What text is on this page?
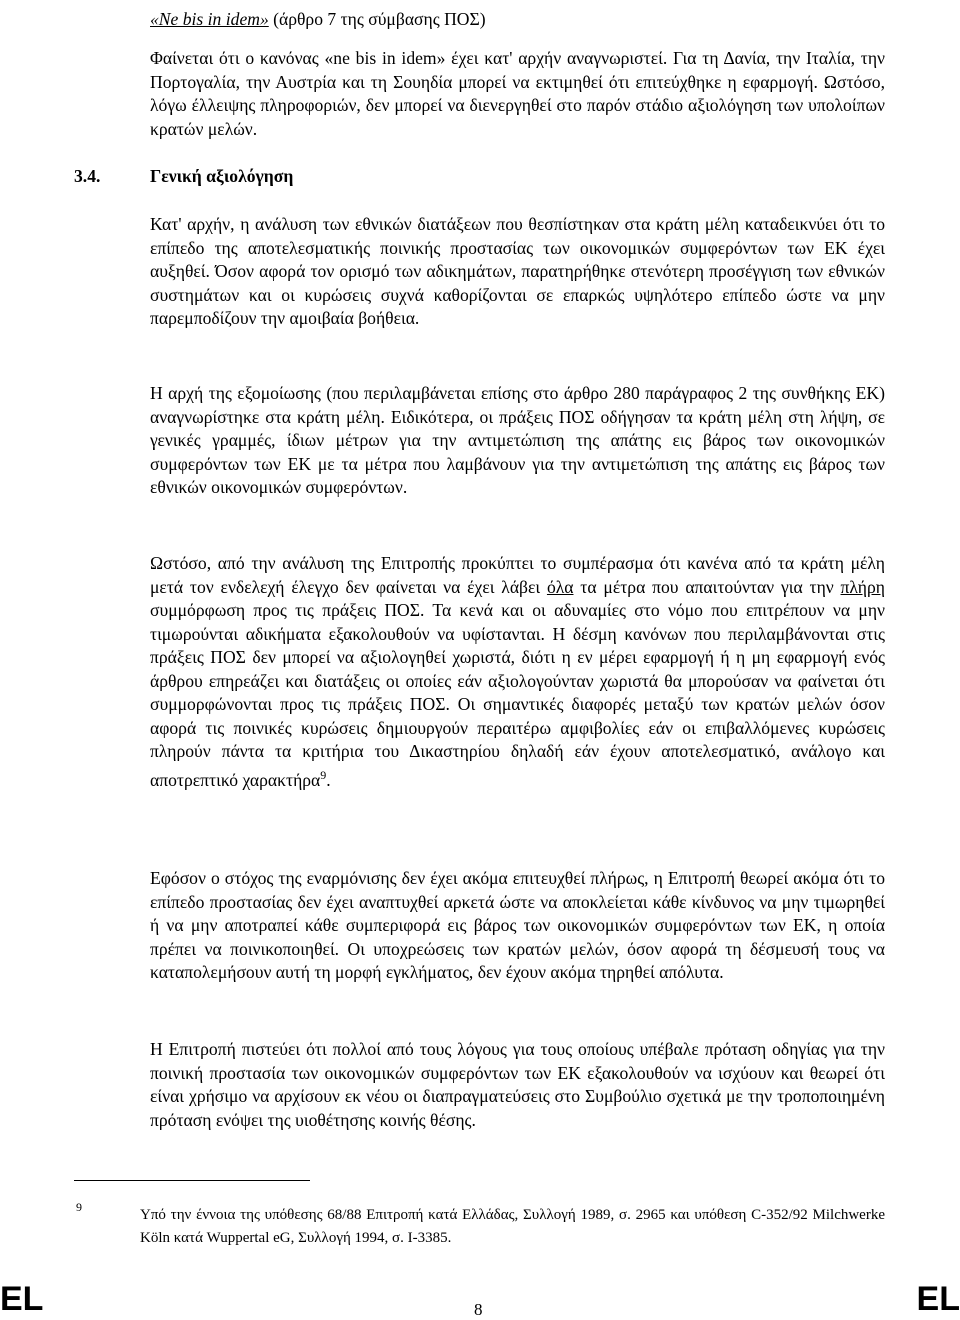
«Ne bis in idem» (άρθρο 7 της σύμβασης ΠΟΣ)

Φαίνεται ότι ο κανόνας «ne bis in idem» έχει κατ' αρχήν αναγνωριστεί. Για τη Δανία, την Ιταλία, την Πορτογαλία, την Αυστρία και τη Σουηδία μπορεί να εκτιμηθεί ότι επιτεύχθηκε η εφαρμογή. Ωστόσο, λόγω έλλειψης πληροφοριών, δεν μπορεί να διενεργηθεί στο παρόν στάδιο αξιολόγηση των υπολοίπων κρατών μελών.

3.4.	Γενική αξιολόγηση

Κατ' αρχήν, η ανάλυση των εθνικών διατάξεων που θεσπίστηκαν στα κράτη μέλη καταδεικνύει ότι το επίπεδο της αποτελεσματικής ποινικής προστασίας των οικονομικών συμφερόντων των ΕΚ έχει αυξηθεί. Όσον αφορά τον ορισμό των αδικημάτων, παρατηρήθηκε στενότερη προσέγγιση των εθνικών συστημάτων και οι κυρώσεις συχνά καθορίζονται σε επαρκώς υψηλότερο επίπεδο ώστε να μην παρεμποδίζουν την αμοιβαία βοήθεια.

Η αρχή της εξομοίωσης (που περιλαμβάνεται επίσης στο άρθρο 280 παράγραφος 2 της συνθήκης ΕΚ) αναγνωρίστηκε στα κράτη μέλη. Ειδικότερα, οι πράξεις ΠΟΣ οδήγησαν τα κράτη μέλη στη λήψη, σε γενικές γραμμές, ίδιων μέτρων για την αντιμετώπιση της απάτης εις βάρος των οικονομικών συμφερόντων των ΕΚ με τα μέτρα που λαμβάνουν για την αντιμετώπιση της απάτης εις βάρος των εθνικών οικονομικών συμφερόντων.

Ωστόσο, από την ανάλυση της Επιτροπής προκύπτει το συμπέρασμα ότι κανένα από τα κράτη μέλη μετά τον ενδελεχή έλεγχο δεν φαίνεται να έχει λάβει όλα τα μέτρα που απαιτούνταν για την πλήρη συμμόρφωση προς τις πράξεις ΠΟΣ. Τα κενά και οι αδυναμίες στο νόμο που επιτρέπουν να μην τιμωρούνται αδικήματα εξακολουθούν να υφίστανται. Η δέσμη κανόνων που περιλαμβάνονται στις πράξεις ΠΟΣ δεν μπορεί να αξιολογηθεί χωριστά, διότι η εν μέρει εφαρμογή ή η μη εφαρμογή ενός άρθρου επηρεάζει και διατάξεις οι οποίες εάν αξιολογούνταν χωριστά θα μπορούσαν να φαίνεται ότι συμμορφώνονται προς τις πράξεις ΠΟΣ. Οι σημαντικές διαφορές μεταξύ των κρατών μελών όσον αφορά τις ποινικές κυρώσεις δημιουργούν περαιτέρω αμφιβολίες εάν οι επιβαλλόμενες κυρώσεις πληρούν πάντα τα κριτήρια του Δικαστηρίου δηλαδή εάν έχουν αποτελεσματικό, ανάλογο και αποτρεπτικό χαρακτήρα$^9$.

Εφόσον ο στόχος της εναρμόνισης δεν έχει ακόμα επιτευχθεί πλήρως, η Επιτροπή θεωρεί ακόμα ότι το επίπεδο προστασίας δεν έχει αναπτυχθεί αρκετά ώστε να αποκλείεται κάθε κίνδυνος να μην τιμωρηθεί ή να μην αποτραπεί κάθε συμπεριφορά εις βάρος των οικονομικών συμφερόντων των ΕΚ, η οποία πρέπει να ποινικοποιηθεί. Οι υποχρεώσεις των κρατών μελών, όσον αφορά τη δέσμευσή τους να καταπολεμήσουν αυτή τη μορφή εγκλήματος, δεν έχουν ακόμα τηρηθεί απόλυτα.

Η Επιτροπή πιστεύει ότι πολλοί από τους λόγους για τους οποίους υπέβαλε πρόταση οδηγίας για την ποινική προστασία των οικονομικών συμφερόντων των ΕΚ εξακολουθούν να ισχύουν και θεωρεί ότι είναι χρήσιμο να αρχίσουν εκ νέου οι διαπραγματεύσεις στο Συμβούλιο σχετικά με την τροποποιημένη πρόταση ενόψει της υιοθέτησης κοινής θέσης.

9	Υπό την έννοια της υπόθεσης 68/88 Επιτροπή κατά Ελλάδας, Συλλογή 1989, σ. 2965 και υπόθεση C-352/92 Milchwerke Köln κατά Wuppertal eG, Συλλογή 1994, σ. I-3385.
EL	8	EL
